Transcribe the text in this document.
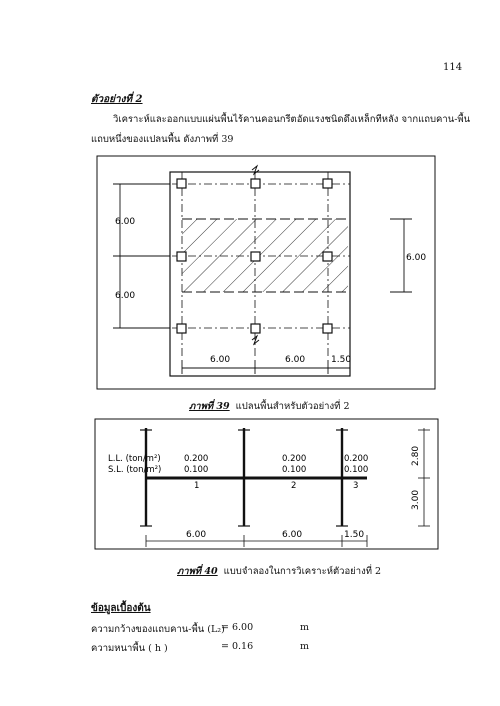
114
ตัวอย่างที่ 2
วิเคราะห์และออกแบบแผ่นพื้นไร้คานคอนกรีตอัดแรงชนิดดึงเหล็กทีหลัง จากแถบคาน-พื้น
แถบหนึ่งของแปลนพื้น ดังภาพที่ 39
6.00
6.00
6.00
6.00	6.00	1.50
ภาพที่ 39 แปลนพื้นสำหรับตัวอย่างที่ 2
L.L. (ton/m²)
S.L. (ton/m²)
0.200	0.200	0.200
0.100	0.100	0.100
1	2	3
2.80
3.00
6.00	6.00	1.50
ภาพที่ 40 แบบจำลองในการวิเคราะห์ตัวอย่างที่ 2
ข้อมูลเบื้องต้น
ความกว้างของแถบคาน-พื้น (L₂)
= 6.00	m
ความหนาพื้น ( h )	= 0.16	m
